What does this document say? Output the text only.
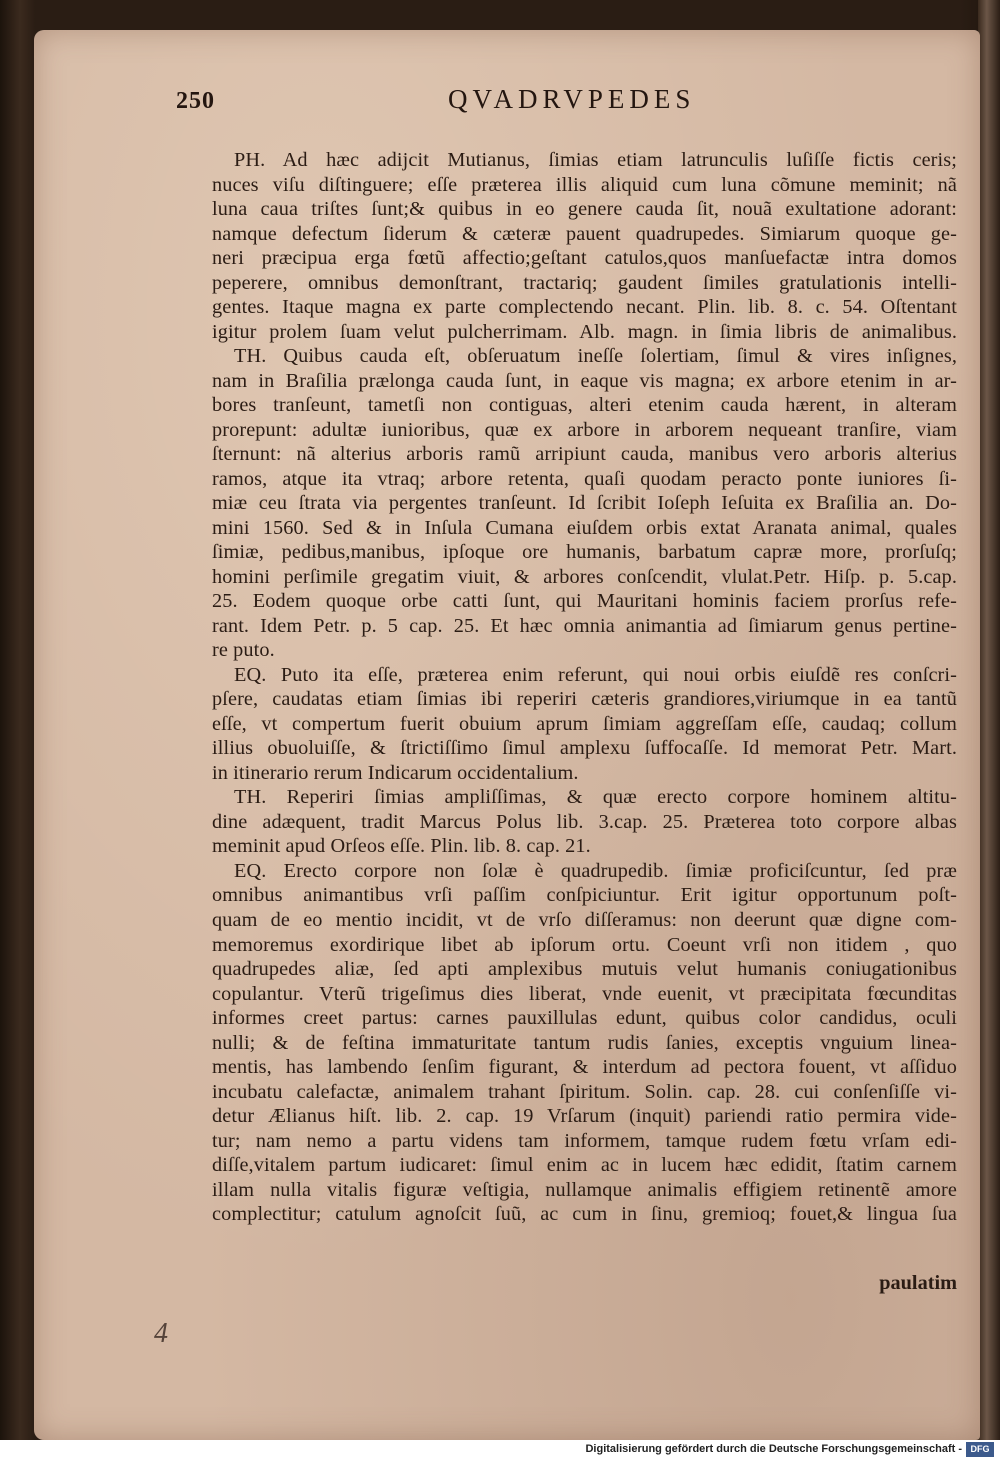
250	QVADRVPEDES
PH. Ad hæc adijcit Mutianus, ſimias etiam latrunculis luſiſſe fictis ceris;
nuces viſu diſtinguere; eſſe præterea illis aliquid cum luna cõmune meminit; nã
luna caua triſtes ſunt;& quibus in eo genere cauda ſit, nouã exultatione adorant:
namque defectum ſiderum & cæteræ pauent quadrupedes. Simiarum quoque ge-
neri præcipua erga fœtũ affectio;geſtant catulos,quos manſuefactæ intra domos
peperere, omnibus demonſtrant, tractariq; gaudent ſimiles gratulationis intelli-
gentes. Itaque magna ex parte complectendo necant. Plin. lib. 8. c. 54. Oſtentant
igitur prolem ſuam velut pulcherrimam. Alb. magn. in ſimia libris de animalibus.
TH. Quibus cauda eſt, obſeruatum ineſſe ſolertiam, ſimul & vires inſignes,
nam in Braſilia prælonga cauda ſunt, in eaque vis magna; ex arbore etenim in ar-
bores tranſeunt, tametſi non contiguas, alteri etenim cauda hærent, in alteram
prorepunt: adultæ iunioribus, quæ ex arbore in arborem nequeant tranſire, viam
ſternunt: nã alterius arboris ramũ arripiunt cauda, manibus vero arboris alterius
ramos, atque ita vtraq; arbore retenta, quaſi quodam peracto ponte iuniores ſi-
miæ ceu ſtrata via pergentes tranſeunt. Id ſcribit Ioſeph Ieſuita ex Braſilia an. Do-
mini 1560. Sed & in Inſula Cumana eiuſdem orbis extat Aranata animal, quales
ſimiæ, pedibus,manibus, ipſoque ore humanis, barbatum capræ more, prorſuſq;
homini perſimile gregatim viuit, & arbores conſcendit, vlulat.Petr. Hiſp. p. 5.cap.
25. Eodem quoque orbe catti ſunt, qui Mauritani hominis faciem prorſus refe-
rant. Idem Petr. p. 5 cap. 25. Et hæc omnia animantia ad ſimiarum genus pertine-
re puto.
EQ. Puto ita eſſe, præterea enim referunt, qui noui orbis eiuſdẽ res conſcri-
pſere, caudatas etiam ſimias ibi reperiri cæteris grandiores,viriumque in ea tantũ
eſſe, vt compertum fuerit obuium aprum ſimiam aggreſſam eſſe, caudaq; collum
illius obuoluiſſe, & ſtrictiſſimo ſimul amplexu ſuffocaſſe. Id memorat Petr. Mart.
in itinerario rerum Indicarum occidentalium.
TH. Reperiri ſimias ampliſſimas, & quæ erecto corpore hominem altitu-
dine adæquent, tradit Marcus Polus lib. 3.cap. 25. Præterea toto corpore albas
meminit apud Orſeos eſſe. Plin. lib. 8. cap. 21.
EQ. Erecto corpore non ſolæ è quadrupedib. ſimiæ proficiſcuntur, ſed præ
omnibus animantibus vrſi paſſim conſpiciuntur. Erit igitur opportunum poſt-
quam de eo mentio incidit, vt de vrſo diſſeramus: non deerunt quæ digne com-
memoremus exordirique libet ab ipſorum ortu. Coeunt vrſi non itidem , quo
quadrupedes aliæ, ſed apti amplexibus mutuis velut humanis coniugationibus
copulantur. Vterũ trigeſimus dies liberat, vnde euenit, vt præcipitata fœcunditas
informes creet partus: carnes pauxillulas edunt, quibus color candidus, oculi
nulli; & de feſtina immaturitate tantum rudis ſanies, exceptis vnguium linea-
mentis, has lambendo ſenſim figurant, & interdum ad pectora fouent, vt aſſiduo
incubatu calefactæ, animalem trahant ſpiritum. Solin. cap. 28. cui conſenſiſſe vi-
detur Ælianus hiſt. lib. 2. cap. 19 Vrſarum (inquit) pariendi ratio permira vide-
tur; nam nemo a partu videns tam informem, tamque rudem fœtu vrſam edi-
diſſe,vitalem partum iudicaret: ſimul enim ac in lucem hæc edidit, ſtatim carnem
illam nulla vitalis figuræ veſtigia, nullamque animalis effigiem retinentẽ amore
complectitur; catulum agnoſcit ſuũ, ac cum in ſinu, gremioq; fouet,& lingua ſua
paulatim
4
Digitalisierung gefördert durch die Deutsche Forschungsgemeinschaft - DFG
